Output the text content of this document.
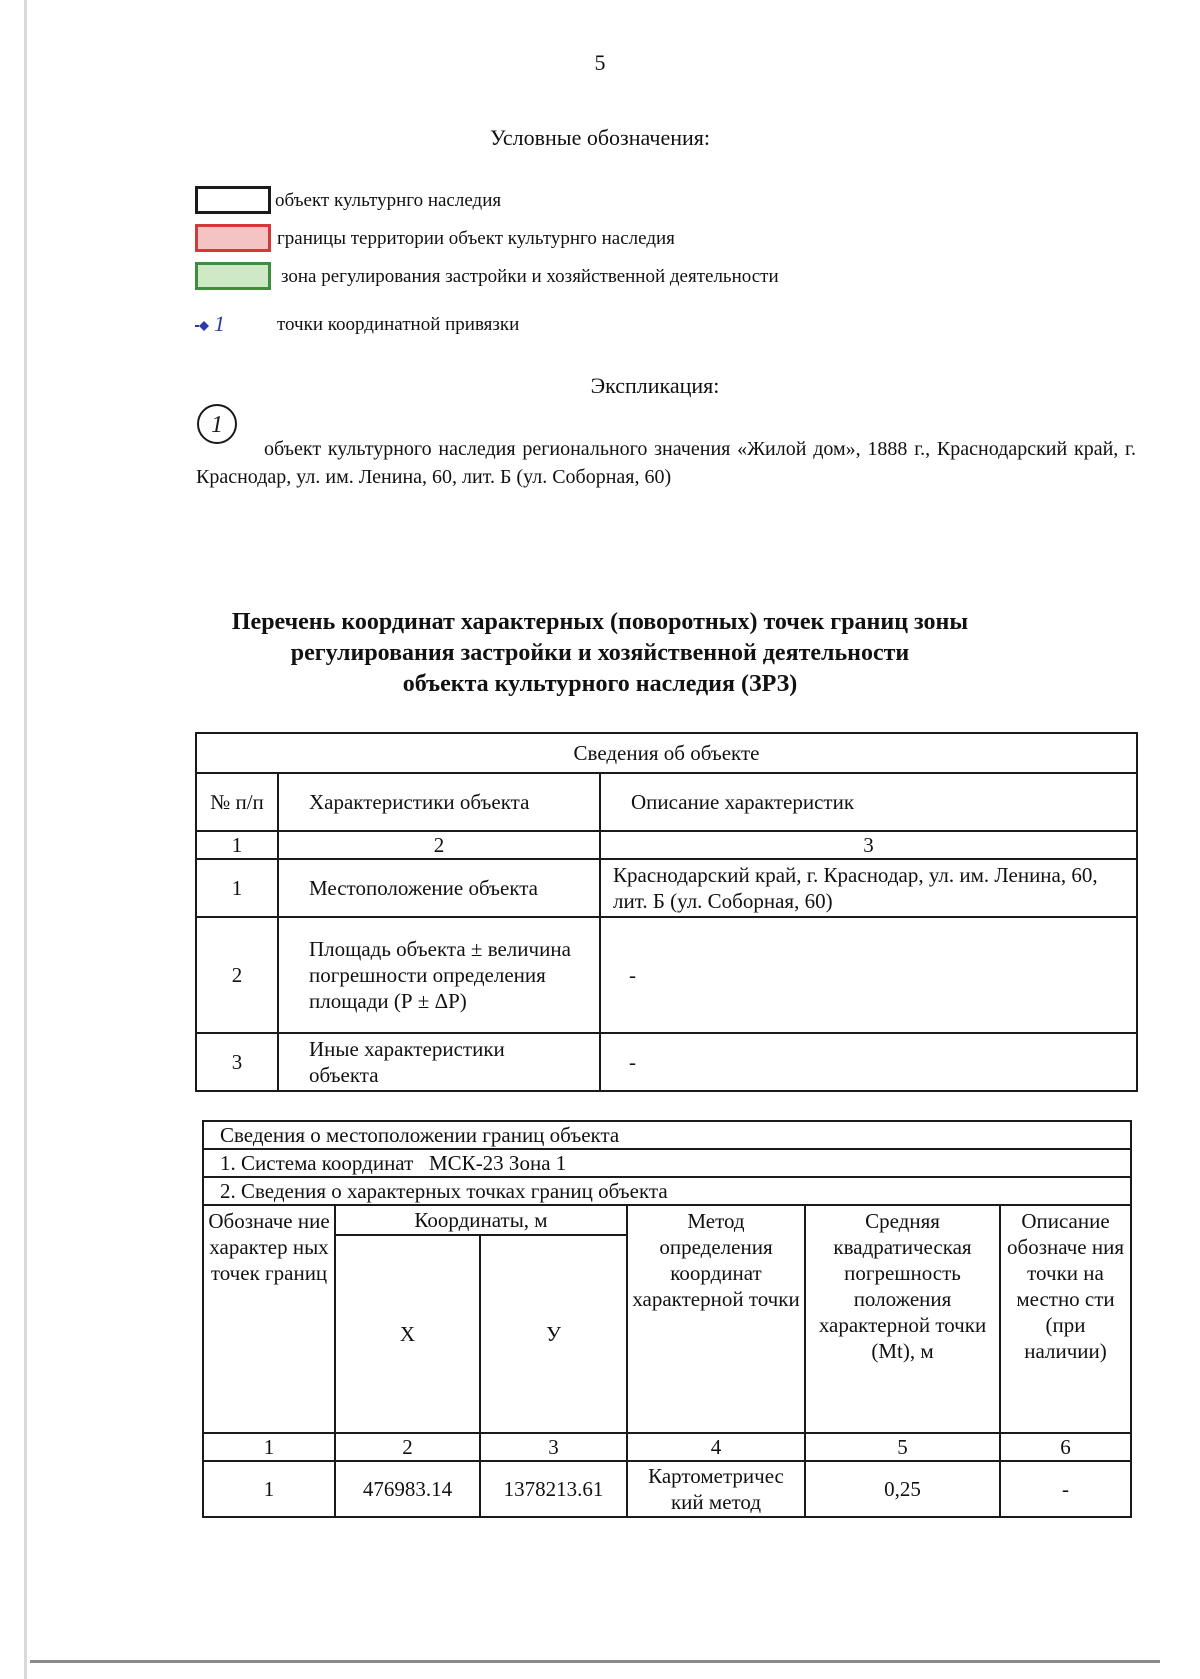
5
Условные обозначения:
объект культурнго наследия
границы территории объект культурнго наследия
зона регулирования застройки и хозяйственной деятельности
1	точки координатной привязки
Экспликация:
1
объект культурного наследия регионального значения «Жилой дом», 1888 г., Краснодарский край, г. Краснодар, ул. им. Ленина, 60, лит. Б (ул. Соборная, 60)
Перечень координат характерных (поворотных) точек границ зоны
регулирования застройки и хозяйственной деятельности
объекта культурного наследия (ЗРЗ)
Сведения об объекте		
№ п/п	Характеристики объекта	Описание характеристик
1	2	3
1	Местоположение объекта	Краснодарский край, г. Краснодар, ул. им. Ленина, 60, лит. Б (ул. Соборная, 60)
2	Площадь объекта ± величина погрешности определения площади (Р ± ΔР)	-
3	Иные характеристики объекта	-
Сведения о местоположении границ объекта					
1. Система координат   МСК-23 Зона 1					
2. Сведения о характерных точках границ объекта					
Обозначе ние характер ных точек границ	Координаты, м		Метод определения координат характерной точки	Средняя квадратическая погрешность положения характерной точки (Mt), м	Описание обозначе ния точки на местно сти (при наличии)
	Х	У			
1	2	3	4	5	6
1	476983.14	1378213.61	Картометричес кий метод	0,25	-
